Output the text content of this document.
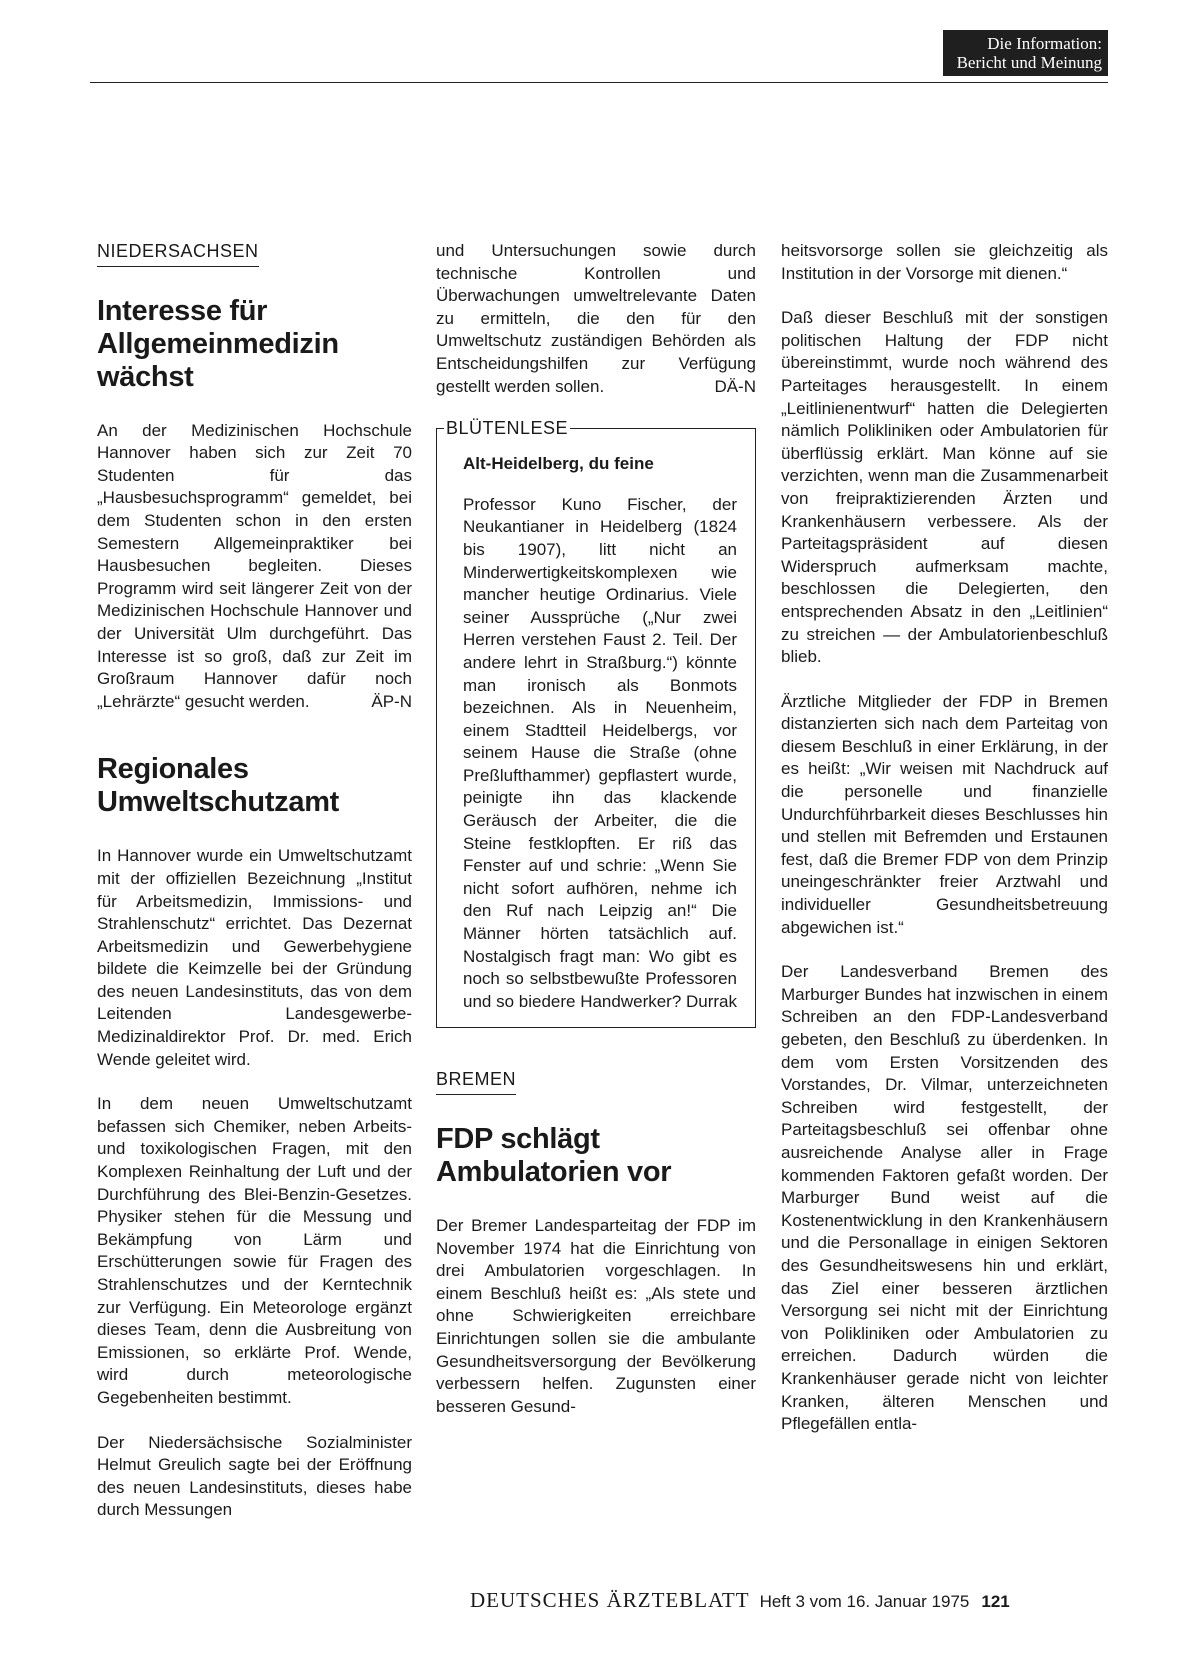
Die Information:
Bericht und Meinung
NIEDERSACHSEN
Interesse für Allgemeinmedizin wächst

An der Medizinischen Hochschule Hannover haben sich zur Zeit 70 Studenten für das „Hausbesuchsprogramm“ gemeldet, bei dem Studenten schon in den ersten Semestern Allgemeinpraktiker bei Hausbesuchen begleiten. Dieses Programm wird seit längerer Zeit von der Medizinischen Hochschule Hannover und der Universität Ulm durchgeführt. Das Interesse ist so groß, daß zur Zeit im Großraum Hannover dafür noch „Lehrärzte“ gesucht werden.	ÄP-N

Regionales Umweltschutzamt

In Hannover wurde ein Umweltschutzamt mit der offiziellen Bezeichnung „Institut für Arbeitsmedizin, Immissions- und Strahlenschutz“ errichtet. Das Dezernat Arbeitsmedizin und Gewerbehygiene bildete die Keimzelle bei der Gründung des neuen Landesinstituts, das von dem Leitenden Landesgewerbe-Medizinaldirektor Prof. Dr. med. Erich Wende geleitet wird.

In dem neuen Umweltschutzamt befassen sich Chemiker, neben Arbeits- und toxikologischen Fragen, mit den Komplexen Reinhaltung der Luft und der Durchführung des Blei-Benzin-Gesetzes. Physiker stehen für die Messung und Bekämpfung von Lärm und Erschütterungen sowie für Fragen des Strahlenschutzes und der Kerntechnik zur Verfügung. Ein Meteorologe ergänzt dieses Team, denn die Ausbreitung von Emissionen, so erklärte Prof. Wende, wird durch meteorologische Gegebenheiten bestimmt.

Der Niedersächsische Sozialminister Helmut Greulich sagte bei der Eröffnung des neuen Landesinstituts, dieses habe durch Messungen

und Untersuchungen sowie durch technische Kontrollen und Überwachungen umweltrelevante Daten zu ermitteln, die den für den Umweltschutz zuständigen Behörden als Entscheidungshilfen zur Verfügung gestellt werden sollen.	DÄ-N

BLÜTENLESE
Alt-Heidelberg, du feine

Professor Kuno Fischer, der Neukantianer in Heidelberg (1824 bis 1907), litt nicht an Minderwertigkeitskomplexen wie mancher heutige Ordinarius. Viele seiner Aussprüche („Nur zwei Herren verstehen Faust 2. Teil. Der andere lehrt in Straßburg.“) könnte man ironisch als Bonmots bezeichnen. Als in Neuenheim, einem Stadtteil Heidelbergs, vor seinem Hause die Straße (ohne Preßlufthammer) gepflastert wurde, peinigte ihn das klackende Geräusch der Arbeiter, die die Steine festklopften. Er riß das Fenster auf und schrie: „Wenn Sie nicht sofort aufhören, nehme ich den Ruf nach Leipzig an!“ Die Männer hörten tatsächlich auf. Nostalgisch fragt man: Wo gibt es noch so selbstbewußte Professoren und so biedere Handwerker? Durrak

BREMEN
FDP schlägt Ambulatorien vor

Der Bremer Landesparteitag der FDP im November 1974 hat die Einrichtung von drei Ambulatorien vorgeschlagen. In einem Beschluß heißt es: „Als stete und ohne Schwierigkeiten erreichbare Einrichtungen sollen sie die ambulante Gesundheitsversorgung der Bevölkerung verbessern helfen. Zugunsten einer besseren Gesund-

heitsvorsorge sollen sie gleichzeitig als Institution in der Vorsorge mit dienen.“

Daß dieser Beschluß mit der sonstigen politischen Haltung der FDP nicht übereinstimmt, wurde noch während des Parteitages herausgestellt. In einem „Leitlinienentwurf“ hatten die Delegierten nämlich Polikliniken oder Ambulatorien für überflüssig erklärt. Man könne auf sie verzichten, wenn man die Zusammenarbeit von freipraktizierenden Ärzten und Krankenhäusern verbessere. Als der Parteitagspräsident auf diesen Widerspruch aufmerksam machte, beschlossen die Delegierten, den entsprechenden Absatz in den „Leitlinien“ zu streichen — der Ambulatorienbeschluß blieb.

Ärztliche Mitglieder der FDP in Bremen distanzierten sich nach dem Parteitag von diesem Beschluß in einer Erklärung, in der es heißt: „Wir weisen mit Nachdruck auf die personelle und finanzielle Undurchführbarkeit dieses Beschlusses hin und stellen mit Befremden und Erstaunen fest, daß die Bremer FDP von dem Prinzip uneingeschränkter freier Arztwahl und individueller Gesundheitsbetreuung abgewichen ist.“

Der Landesverband Bremen des Marburger Bundes hat inzwischen in einem Schreiben an den FDP-Landesverband gebeten, den Beschluß zu überdenken. In dem vom Ersten Vorsitzenden des Vorstandes, Dr. Vilmar, unterzeichneten Schreiben wird festgestellt, der Parteitagsbeschluß sei offenbar ohne ausreichende Analyse aller in Frage kommenden Faktoren gefaßt worden. Der Marburger Bund weist auf die Kostenentwicklung in den Krankenhäusern und die Personallage in einigen Sektoren des Gesundheitswesens hin und erklärt, das Ziel einer besseren ärztlichen Versorgung sei nicht mit der Einrichtung von Polikliniken oder Ambulatorien zu erreichen. Dadurch würden die Krankenhäuser gerade nicht von leichter Kranken, älteren Menschen und Pflegefällen entla-

DEUTSCHES ÄRZTEBLATT Heft 3 vom 16. Januar 1975 121
